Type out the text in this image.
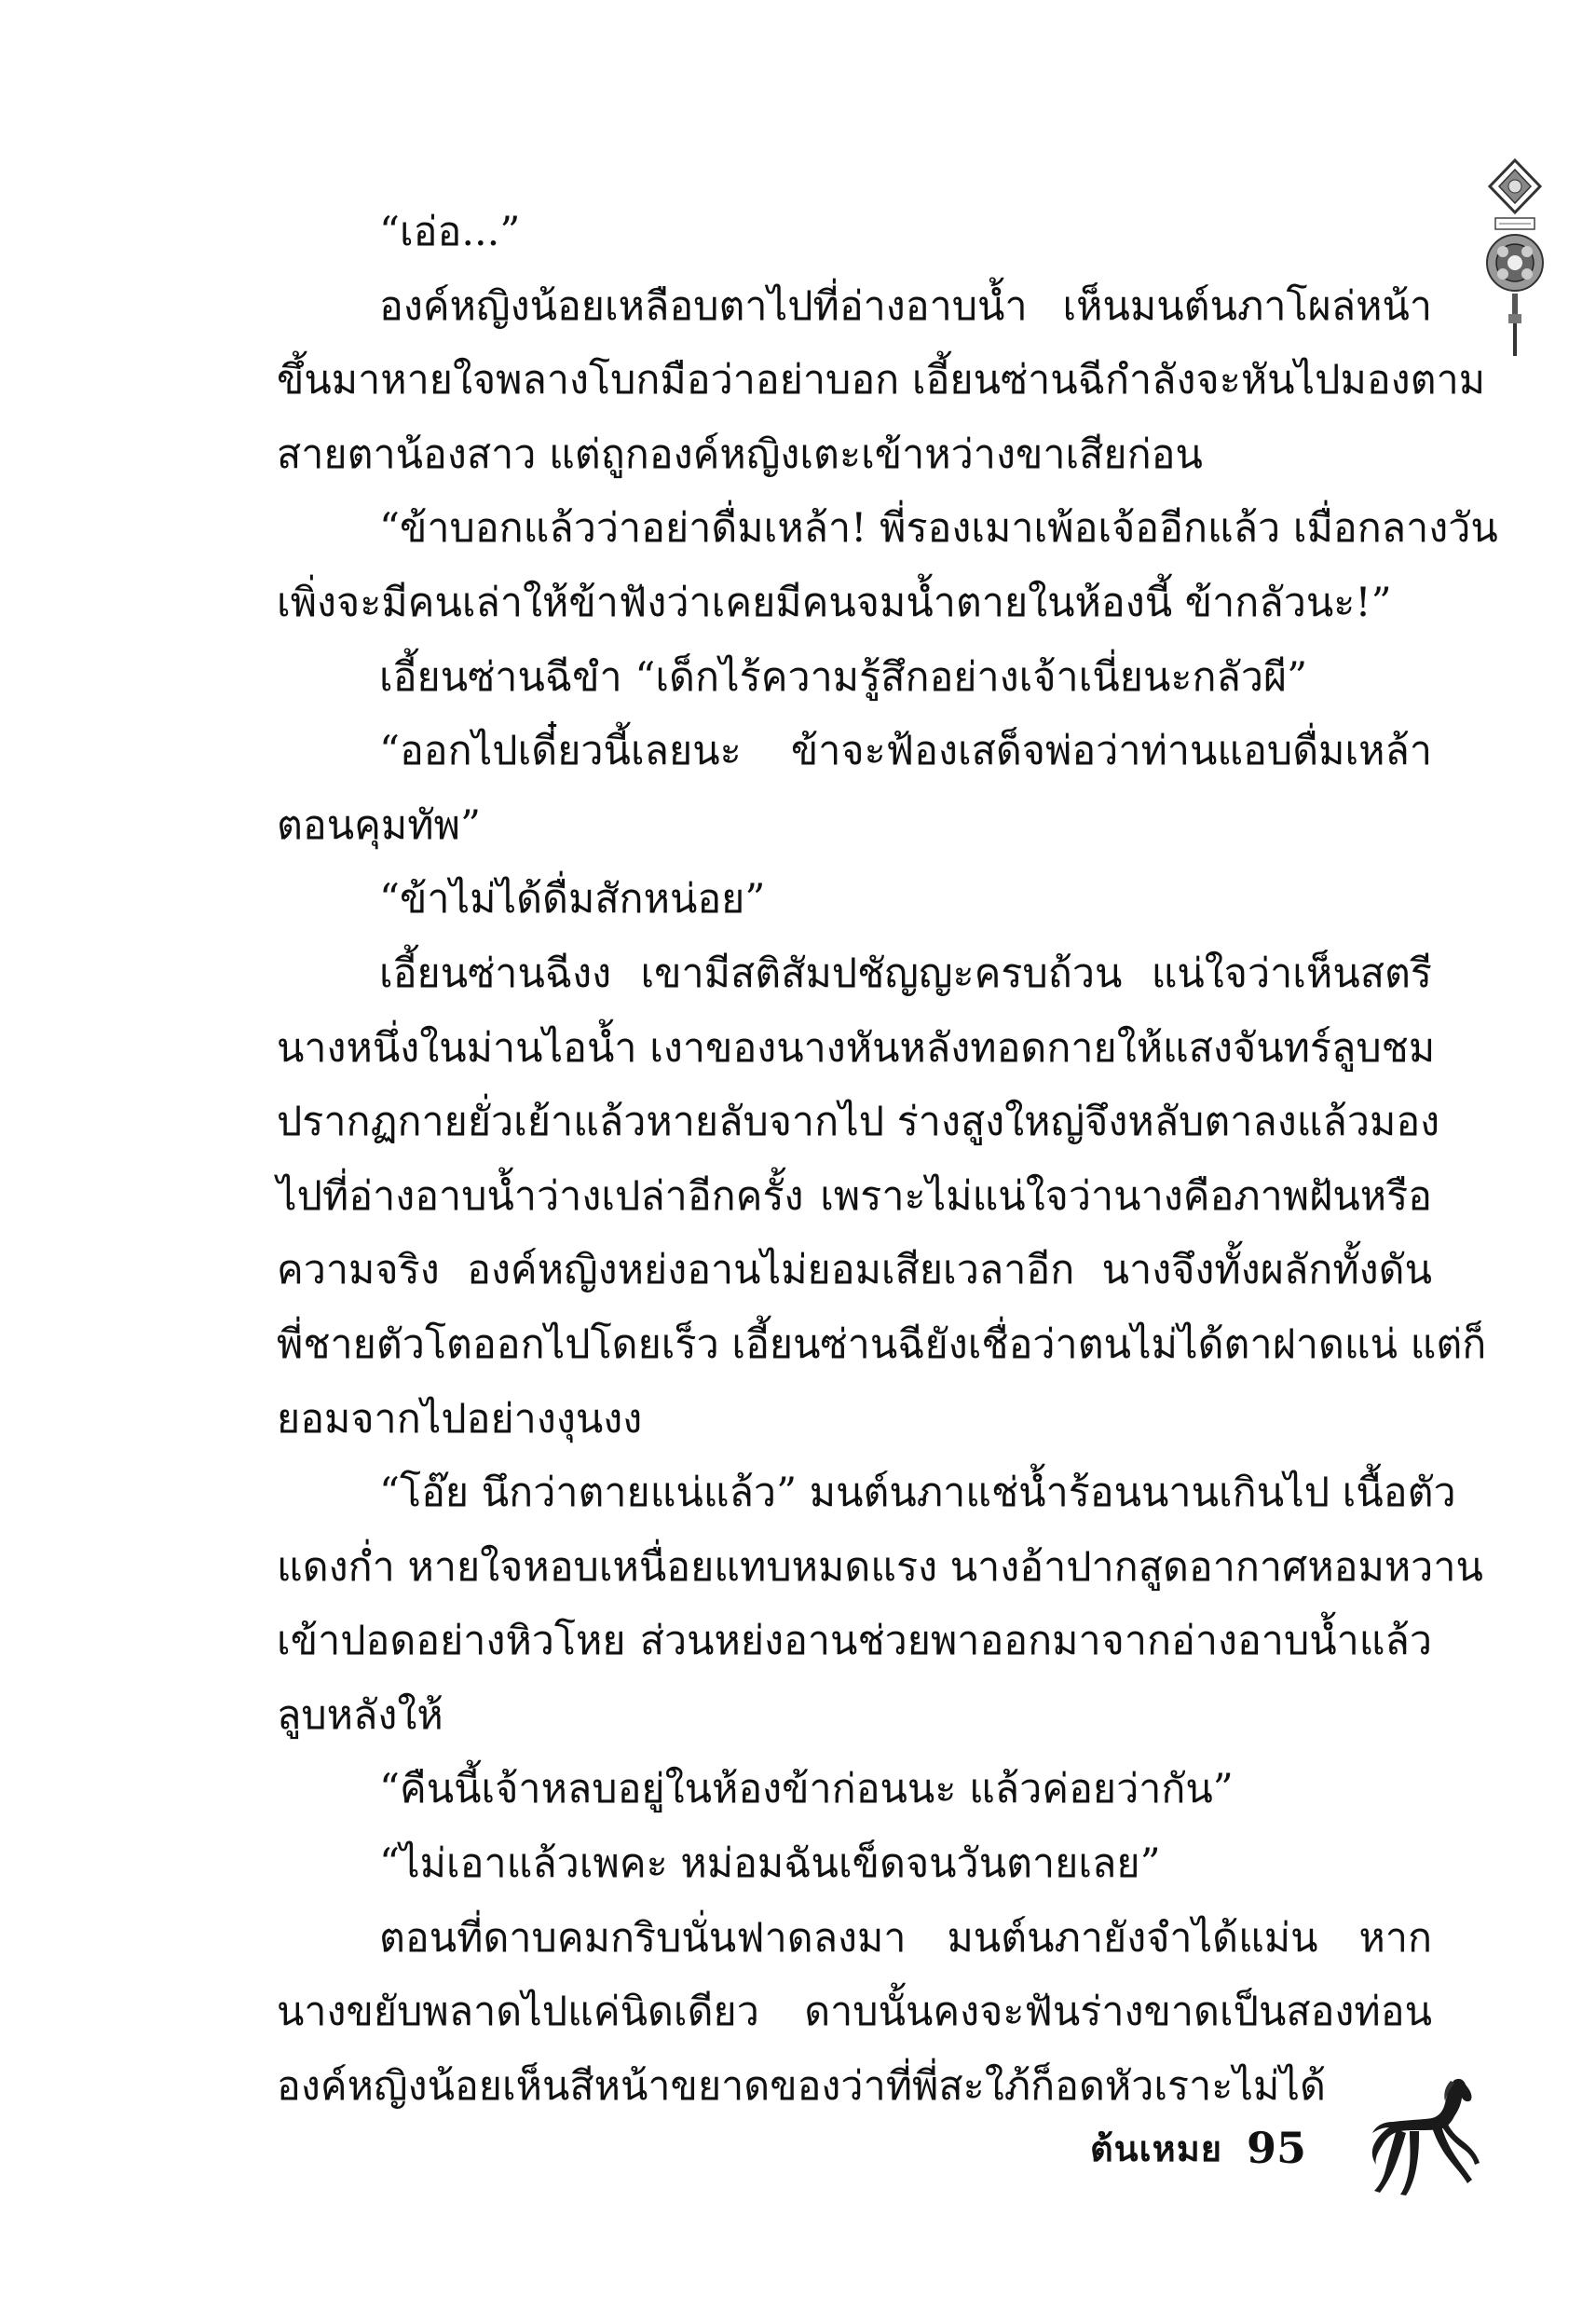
“เอ่อ...”
องค์หญิงน้อยเหลือบตาไปที่อ่างอาบน้ำ เห็นมนต์นภาโผล่หน้า
ขึ้นมาหายใจพลางโบกมือว่าอย่าบอก เอี้ยนซ่านฉีกำลังจะหันไปมองตาม
สายตาน้องสาว แต่ถูกองค์หญิงเตะเข้าหว่างขาเสียก่อน
“ข้าบอกแล้วว่าอย่าดื่มเหล้า! พี่รองเมาเพ้อเจ้ออีกแล้ว เมื่อกลางวัน
เพิ่งจะมีคนเล่าให้ข้าฟังว่าเคยมีคนจมน้ำตายในห้องนี้ ข้ากลัวนะ!”
เอี้ยนซ่านฉีขำ “เด็กไร้ความรู้สึกอย่างเจ้าเนี่ยนะกลัวผี”
“ออกไปเดี๋ยวนี้เลยนะ ข้าจะฟ้องเสด็จพ่อว่าท่านแอบดื่มเหล้า
ตอนคุมทัพ”
“ข้าไม่ได้ดื่มสักหน่อย”
เอี้ยนซ่านฉีงง เขามีสติสัมปชัญญะครบถ้วน แน่ใจว่าเห็นสตรี
นางหนึ่งในม่านไอน้ำ เงาของนางหันหลังทอดกายให้แสงจันทร์ลูบชม
ปรากฏกายยั่วเย้าแล้วหายลับจากไป ร่างสูงใหญ่จึงหลับตาลงแล้วมอง
ไปที่อ่างอาบน้ำว่างเปล่าอีกครั้ง เพราะไม่แน่ใจว่านางคือภาพฝันหรือ
ความจริง องค์หญิงหย่งอานไม่ยอมเสียเวลาอีก นางจึงทั้งผลักทั้งดัน
พี่ชายตัวโตออกไปโดยเร็ว เอี้ยนซ่านฉียังเชื่อว่าตนไม่ได้ตาฝาดแน่ แต่ก็
ยอมจากไปอย่างงุนงง
“โอ๊ย นึกว่าตายแน่แล้ว” มนต์นภาแช่น้ำร้อนนานเกินไป เนื้อตัว
แดงก่ำ หายใจหอบเหนื่อยแทบหมดแรง นางอ้าปากสูดอากาศหอมหวาน
เข้าปอดอย่างหิวโหย ส่วนหย่งอานช่วยพาออกมาจากอ่างอาบน้ำแล้ว
ลูบหลังให้
“คืนนี้เจ้าหลบอยู่ในห้องข้าก่อนนะ แล้วค่อยว่ากัน”
“ไม่เอาแล้วเพคะ หม่อมฉันเข็ดจนวันตายเลย”
ตอนที่ดาบคมกริบนั่นฟาดลงมา มนต์นภายังจำได้แม่น หาก
นางขยับพลาดไปแค่นิดเดียว ดาบนั้นคงจะฟันร่างขาดเป็นสองท่อน
องค์หญิงน้อยเห็นสีหน้าขยาดของว่าที่พี่สะใภ้ก็อดหัวเราะไม่ได้
ต้นเหมย 95
